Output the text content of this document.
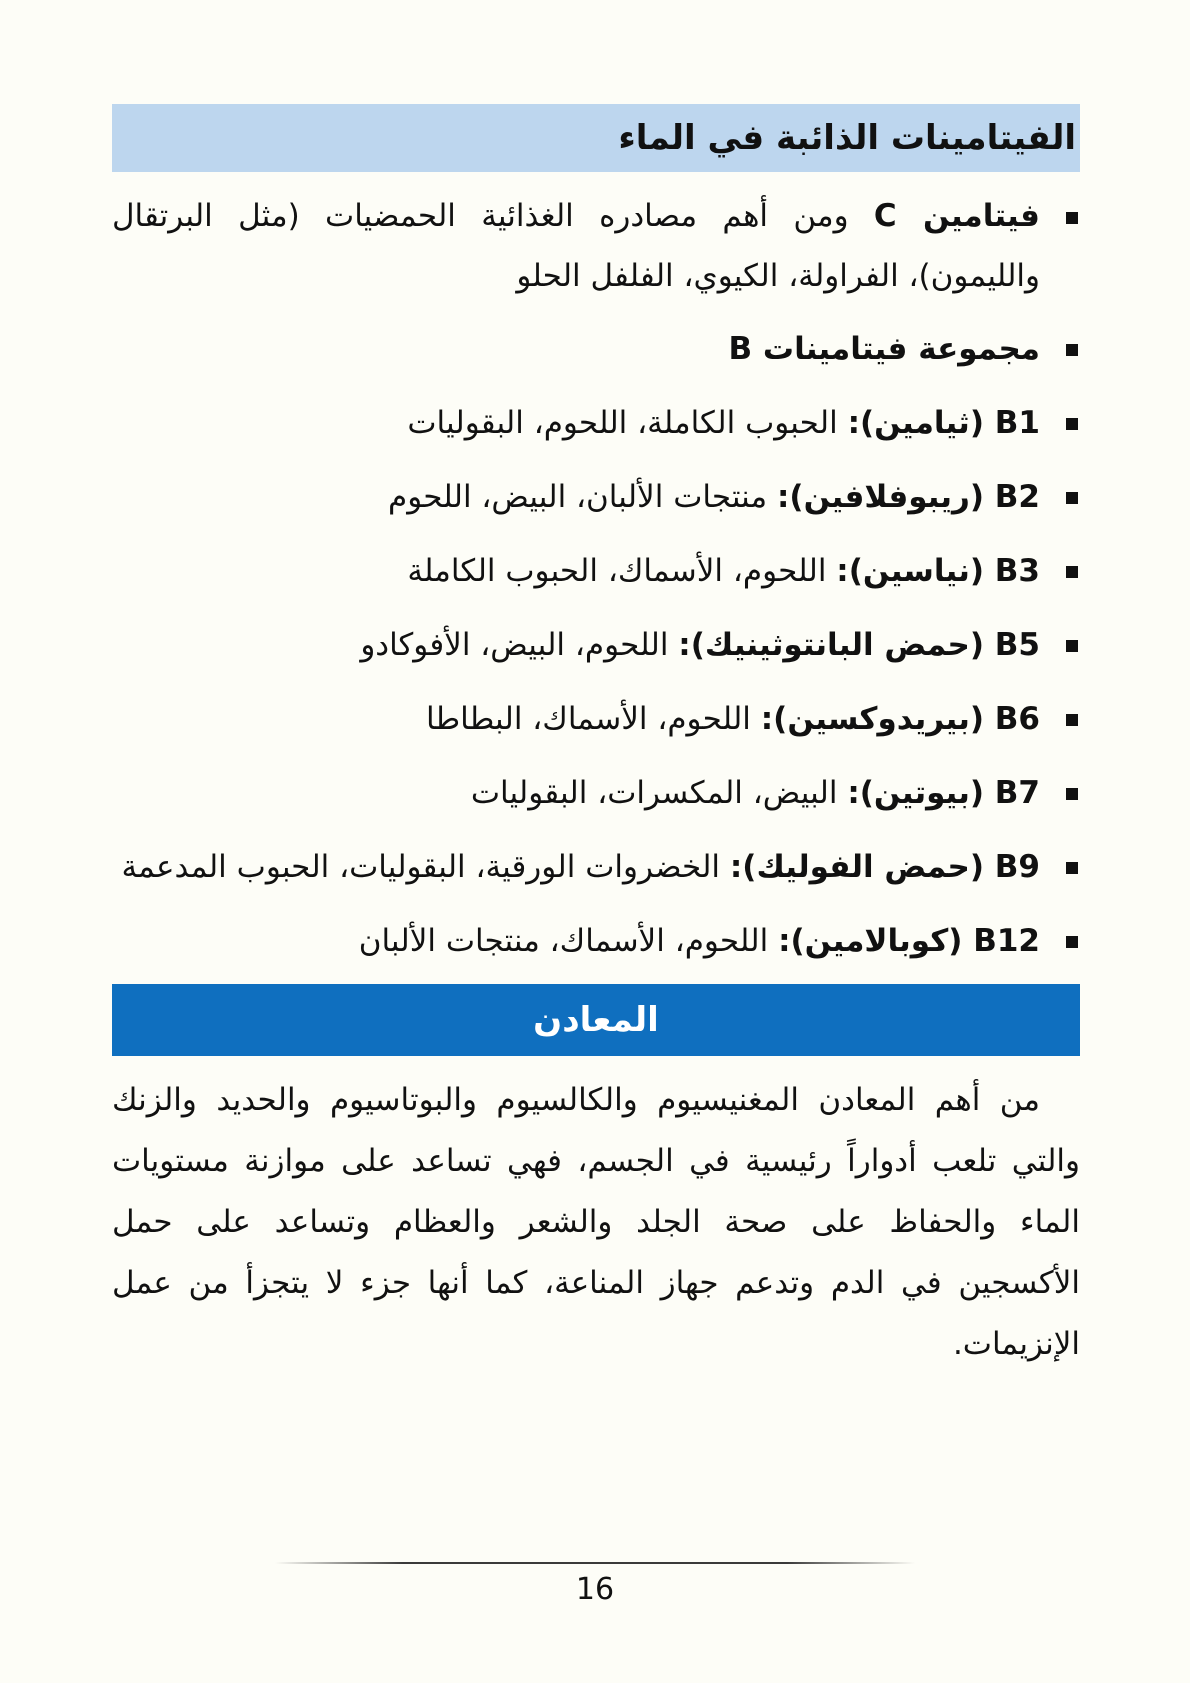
الفيتامينات الذائبة في الماء
فيتامين C ومن أهم مصادره الغذائية الحمضيات (مثل البرتقال والليمون)، الفراولة، الكيوي، الفلفل الحلو
مجموعة فيتامينات B
B1 (ثيامين): الحبوب الكاملة، اللحوم، البقوليات
B2 (ريبوفلافين): منتجات الألبان، البيض، اللحوم
B3 (نياسين): اللحوم، الأسماك، الحبوب الكاملة
B5 (حمض البانتوثينيك): اللحوم، البيض، الأفوكادو
B6 (بيريدوكسين): اللحوم، الأسماك، البطاطا
B7 (بيوتين): البيض، المكسرات، البقوليات
B9 (حمض الفوليك): الخضروات الورقية، البقوليات، الحبوب المدعمة
B12 (كوبالامين): اللحوم، الأسماك، منتجات الألبان
المعادن

من أهم المعادن المغنيسيوم والكالسيوم والبوتاسيوم والحديد والزنك والتي تلعب أدواراً رئيسية في الجسم، فهي تساعد على موازنة مستويات الماء والحفاظ على صحة الجلد والشعر والعظام وتساعد على حمل الأكسجين في الدم وتدعم جهاز المناعة، كما أنها جزء لا يتجزأ من عمل الإنزيمات.

16
